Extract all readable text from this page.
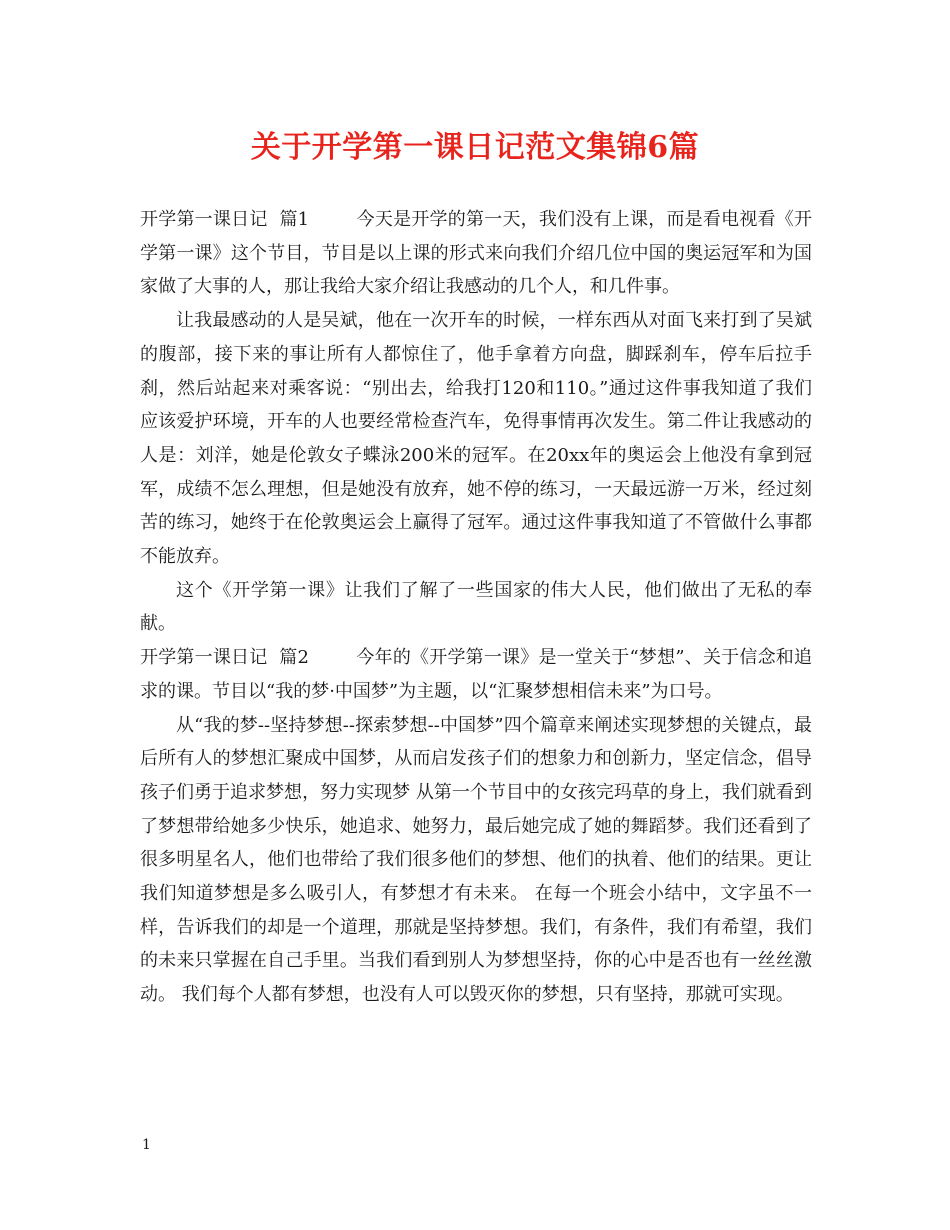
关于开学第一课日记范文集锦6篇

开学第一课日记  篇1        今天是开学的第一天，我们没有上课，而是看电视看《开学第一课》这个节目，节目是以上课的形式来向我们介绍几位中国的奥运冠军和为国家做了大事的人，那让我给大家介绍让我感动的几个人，和几件事。

让我最感动的人是吴斌，他在一次开车的时候，一样东西从对面飞来打到了吴斌的腹部，接下来的事让所有人都惊住了，他手拿着方向盘，脚踩刹车，停车后拉手刹，然后站起来对乘客说：“别出去，给我打120和110。”通过这件事我知道了我们应该爱护环境，开车的人也要经常检查汽车，免得事情再次发生。第二件让我感动的人是：刘洋，她是伦敦女子蝶泳200米的冠军。在20xx年的奥运会上他没有拿到冠军，成绩不怎么理想，但是她没有放弃，她不停的练习，一天最远游一万米，经过刻苦的练习，她终于在伦敦奥运会上赢得了冠军。通过这件事我知道了不管做什么事都不能放弃。

这个《开学第一课》让我们了解了一些国家的伟大人民，他们做出了无私的奉献。

开学第一课日记  篇2        今年的《开学第一课》是一堂关于“梦想”、关于信念和追求的课。节目以“我的梦·中国梦”为主题，以“汇聚梦想相信未来”为口号。

从“我的梦--坚持梦想--探索梦想--中国梦”四个篇章来阐述实现梦想的关键点，最后所有人的梦想汇聚成中国梦，从而启发孩子们的想象力和创新力，坚定信念，倡导孩子们勇于追求梦想，努力实现梦 从第一个节目中的女孩完玛草的身上，我们就看到了梦想带给她多少快乐，她追求、她努力，最后她完成了她的舞蹈梦。我们还看到了很多明星名人，他们也带给了我们很多他们的梦想、他们的执着、他们的结果。更让我们知道梦想是多么吸引人，有梦想才有未来。 在每一个班会小结中，文字虽不一样，告诉我们的却是一个道理，那就是坚持梦想。我们，有条件，我们有希望，我们的未来只掌握在自己手里。当我们看到别人为梦想坚持，你的心中是否也有一丝丝激动。 我们每个人都有梦想，也没有人可以毁灭你的梦想，只有坚持，那就可实现。

1
